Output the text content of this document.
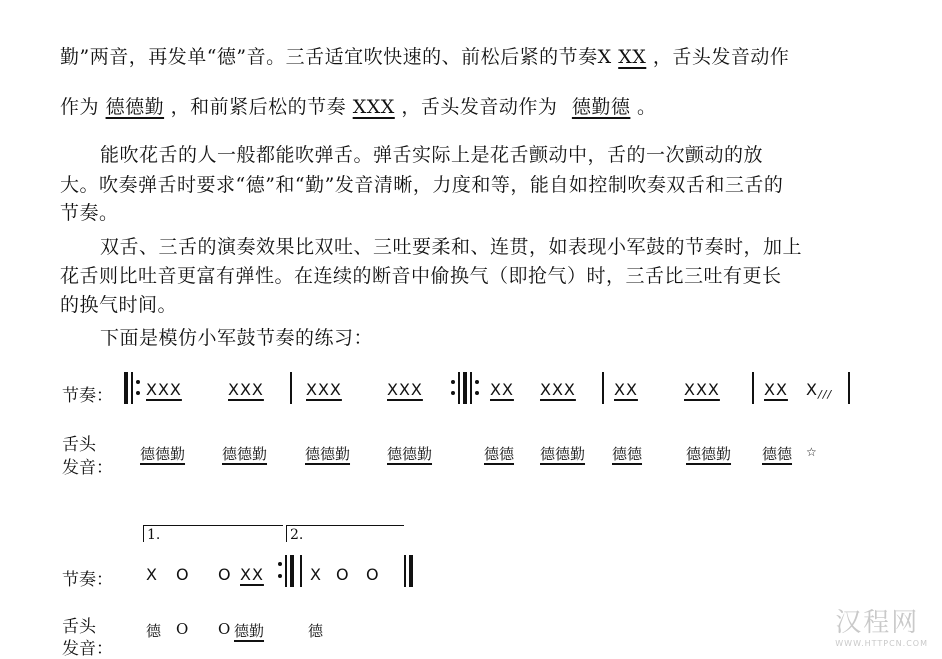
勤”两音，再发单“德”音。三舌适宜吹快速的、前松后紧的节奏X XX ，舌头发音动作
作为 德德勤 ，和前紧后松的节奏 XXX ，舌头发音动作为 德勤德 。
能吹花舌的人一般都能吹弹舌。弹舌实际上是花舌颤动中，舌的一次颤动的放
大。吹奏弹舌时要求“德”和“勤”发音清晰，力度和等，能自如控制吹奏双舌和三舌的
节奏。
双舌、三舌的演奏效果比双吐、三吐要柔和、连贯，如表现小军鼓的节奏时，加上
花舌则比吐音更富有弹性。在连续的断音中偷换气（即抢气）时，三舌比三吐有更长
的换气时间。
下面是模仿小军鼓节奏的练习：
节奏： XXX	XXX	XXX	XXX	XX XXX XX	XXX	XX X ///
舌头
发音：
德德勤 德德勤	德德勤 德德勤	德德 德德勤 德德	德德勤 德德 ☆
1.	2.
节奏： X O O XX	X O O
舌头
发音：
德 O O 德勤	德	汉程网
WWW.HTTPCN.COM
